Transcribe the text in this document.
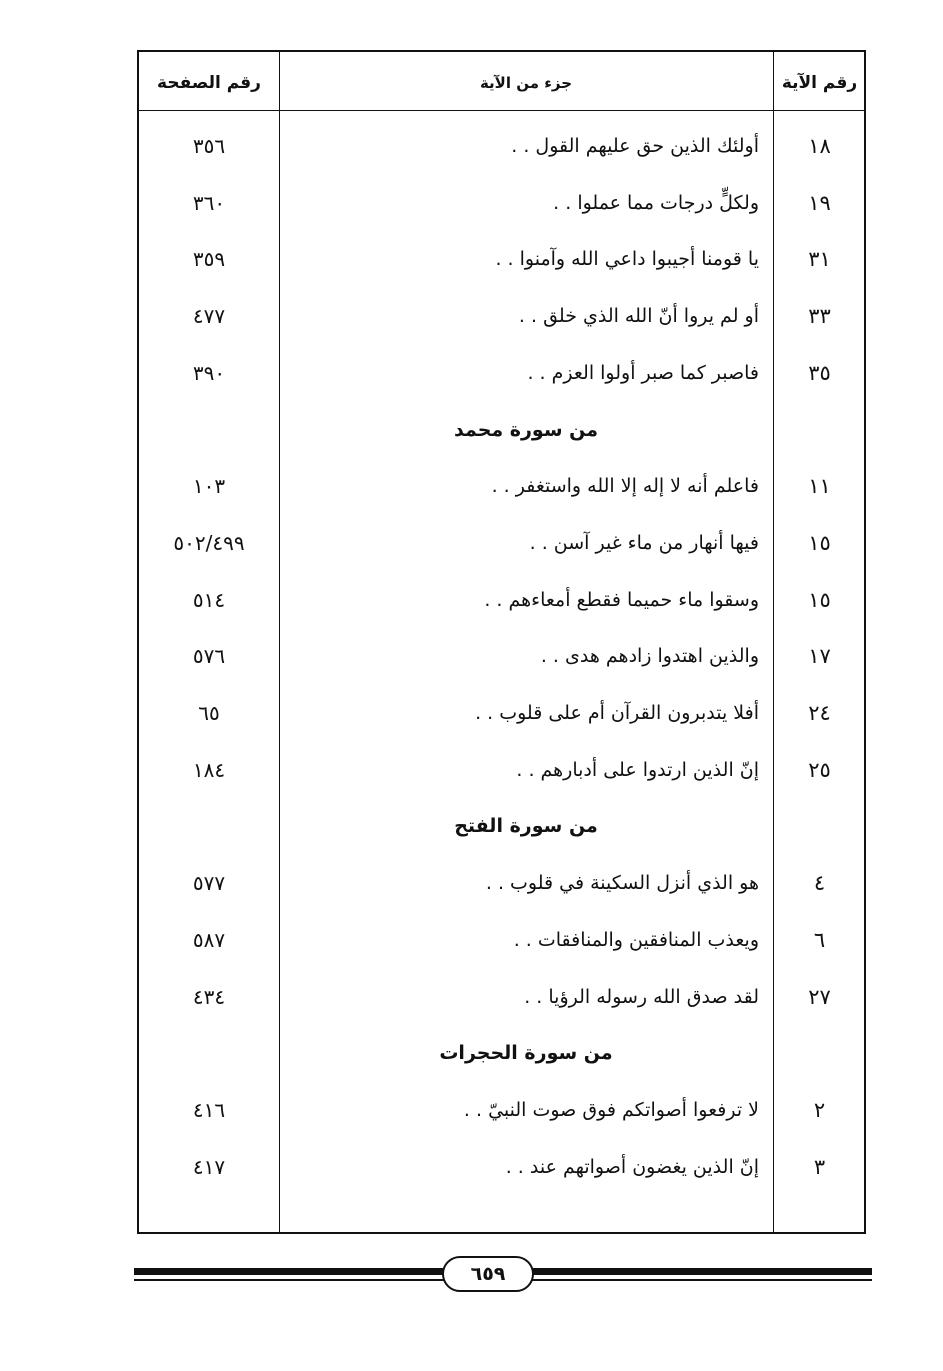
رقم الآية
جزء من الآية
رقم الصفحة
١٨
أولئك الذين حق عليهم القول . .
٣٥٦
١٩
ولكلٍّ درجات مما عملوا . .
٣٦٠
٣١
يا قومنا أجيبوا داعي الله وآمنوا . .
٣٥٩
٣٣
أو لم يروا أنّ الله الذي خلق . .
٤٧٧
٣٥
فاصبر كما صبر أولوا العزم . .
٣٩٠
من سورة محمد
١١
فاعلم أنه لا إله إلا الله واستغفر . .
١٠٣
١٥
فيها أنهار من ماء غير آسن . .
٥٠٢/٤٩٩
١٥
وسقوا ماء حميما فقطع أمعاءهم . .
٥١٤
١٧
والذين اهتدوا زادهم هدى . .
٥٧٦
٢٤
أفلا يتدبرون القرآن أم على قلوب . .
٦٥
٢٥
إنّ الذين ارتدوا على أدبارهم . .
١٨٤
من سورة الفتح
٤
هو الذي أنزل السكينة في قلوب . .
٥٧٧
٦
ويعذب المنافقين والمنافقات . .
٥٨٧
٢٧
لقد صدق الله رسوله الرؤيا . .
٤٣٤
من سورة الحجرات
٢
لا ترفعوا أصواتكم فوق صوت النبيّ . .
٤١٦
٣
إنّ الذين يغضون أصواتهم عند . .
٤١٧
٦٥٩
